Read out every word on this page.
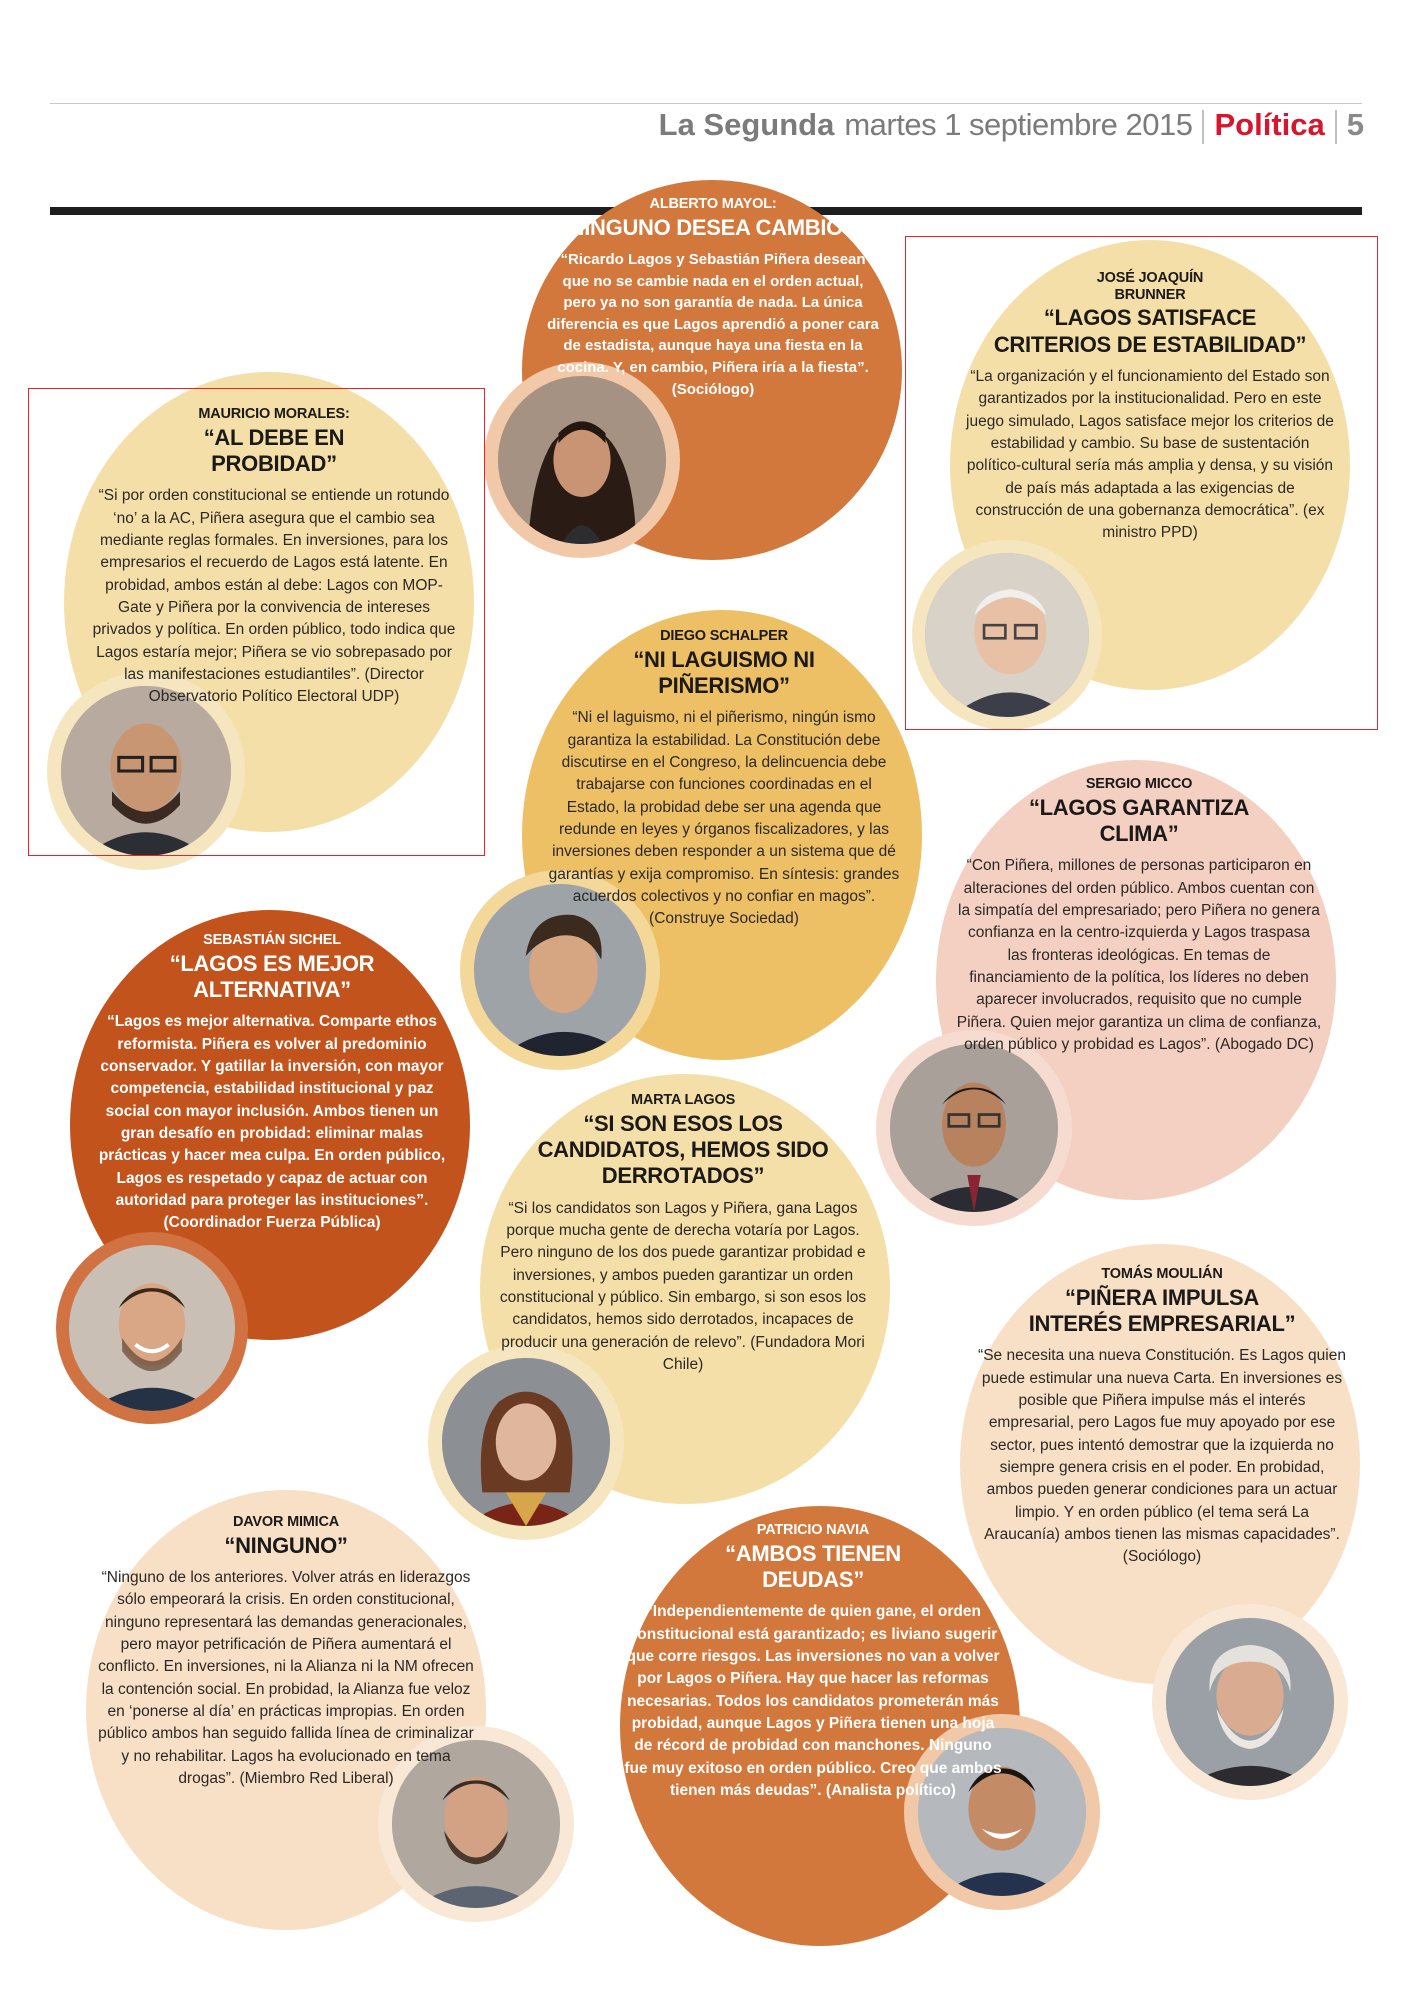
La Segunda martes 1 septiembre 2015 Política 5
ALBERTO MAYOL:
“NINGUNO DESEA CAMBIOS”
“Ricardo Lagos y Sebastián Piñera desean que no se cambie nada en el orden actual, pero ya no son garantía de nada. La única diferencia es que Lagos aprendió a poner cara de estadista, aunque haya una fiesta en la cocina. Y, en cambio, Piñera iría a la fiesta”. (Sociólogo)
JOSÉ JOAQUÍN BRUNNER
“LAGOS SATISFACE CRITERIOS DE ESTABILIDAD”
“La organización y el funcionamiento del Estado son garantizados por la institucionalidad. Pero en este juego simulado, Lagos satisface mejor los criterios de estabilidad y cambio. Su base de sustentación político-cultural sería más amplia y densa, y su visión de país más adaptada a las exigencias de construcción de una gobernanza democrática”. (ex ministro PPD)
MAURICIO MORALES:
“AL DEBE EN PROBIDAD”
“Si por orden constitucional se entiende un rotundo ‘no’ a la AC, Piñera asegura que el cambio sea mediante reglas formales. En inversiones, para los empresarios el recuerdo de Lagos está latente. En probidad, ambos están al debe: Lagos con MOP-Gate y Piñera por la convivencia de intereses privados y política. En orden público, todo indica que Lagos estaría mejor; Piñera se vio sobrepasado por las manifestaciones estudiantiles”. (Director Observatorio Político Electoral UDP)
DIEGO SCHALPER
“NI LAGUISMO NI PIÑERISMO”
“Ni el laguismo, ni el piñerismo, ningún ismo garantiza la estabilidad. La Constitución debe discutirse en el Congreso, la delincuencia debe trabajarse con funciones coordinadas en el Estado, la probidad debe ser una agenda que redunde en leyes y órganos fiscalizadores, y las inversiones deben responder a un sistema que dé garantías y exija compromiso. En síntesis: grandes acuerdos colectivos y no confiar en magos”. (Construye Sociedad)
SERGIO MICCO
“LAGOS GARANTIZA CLIMA”
“Con Piñera, millones de personas participaron en alteraciones del orden público. Ambos cuentan con la simpatía del empresariado; pero Piñera no genera confianza en la centro-izquierda y Lagos traspasa las fronteras ideológicas. En temas de financiamiento de la política, los líderes no deben aparecer involucrados, requisito que no cumple Piñera. Quien mejor garantiza un clima de confianza, orden público y probidad es Lagos”. (Abogado DC)
SEBASTIÁN SICHEL
“LAGOS ES MEJOR ALTERNATIVA”
“Lagos es mejor alternativa. Comparte ethos reformista. Piñera es volver al predominio conservador. Y gatillar la inversión, con mayor competencia, estabilidad institucional y paz social con mayor inclusión. Ambos tienen un gran desafío en probidad: eliminar malas prácticas y hacer mea culpa. En orden público, Lagos es respetado y capaz de actuar con autoridad para proteger las instituciones”. (Coordinador Fuerza Pública)
MARTA LAGOS
“SI SON ESOS LOS CANDIDATOS, HEMOS SIDO DERROTADOS”
“Si los candidatos son Lagos y Piñera, gana Lagos porque mucha gente de derecha votaría por Lagos. Pero ninguno de los dos puede garantizar probidad e inversiones, y ambos pueden garantizar un orden constitucional y público. Sin embargo, si son esos los candidatos, hemos sido derrotados, incapaces de producir una generación de relevo”. (Fundadora Mori Chile)
TOMÁS MOULIÁN
“PIÑERA IMPULSA INTERÉS EMPRESARIAL”
“Se necesita una nueva Constitución. Es Lagos quien puede estimular una nueva Carta. En inversiones es posible que Piñera impulse más el interés empresarial, pero Lagos fue muy apoyado por ese sector, pues intentó demostrar que la izquierda no siempre genera crisis en el poder. En probidad, ambos pueden generar condiciones para un actuar limpio. Y en orden público (el tema será La Araucanía) ambos tienen las mismas capacidades”. (Sociólogo)
DAVOR MIMICA
“NINGUNO”
“Ninguno de los anteriores. Volver atrás en liderazgos sólo empeorará la crisis. En orden constitucional, ninguno representará las demandas generacionales, pero mayor petrificación de Piñera aumentará el conflicto. En inversiones, ni la Alianza ni la NM ofrecen la contención social. En probidad, la Alianza fue veloz en ‘ponerse al día’ en prácticas impropias. En orden público ambos han seguido fallida línea de criminalizar y no rehabilitar. Lagos ha evolucionado en tema drogas”. (Miembro Red Liberal)
PATRICIO NAVIA
“AMBOS TIENEN DEUDAS”
“Independientemente de quien gane, el orden constitucional está garantizado; es liviano sugerir que corre riesgos. Las inversiones no van a volver por Lagos o Piñera. Hay que hacer las reformas necesarias. Todos los candidatos prometerán más probidad, aunque Lagos y Piñera tienen una hoja de récord de probidad con manchones. Ninguno fue muy exitoso en orden público. Creo que ambos tienen más deudas”. (Analista político)
